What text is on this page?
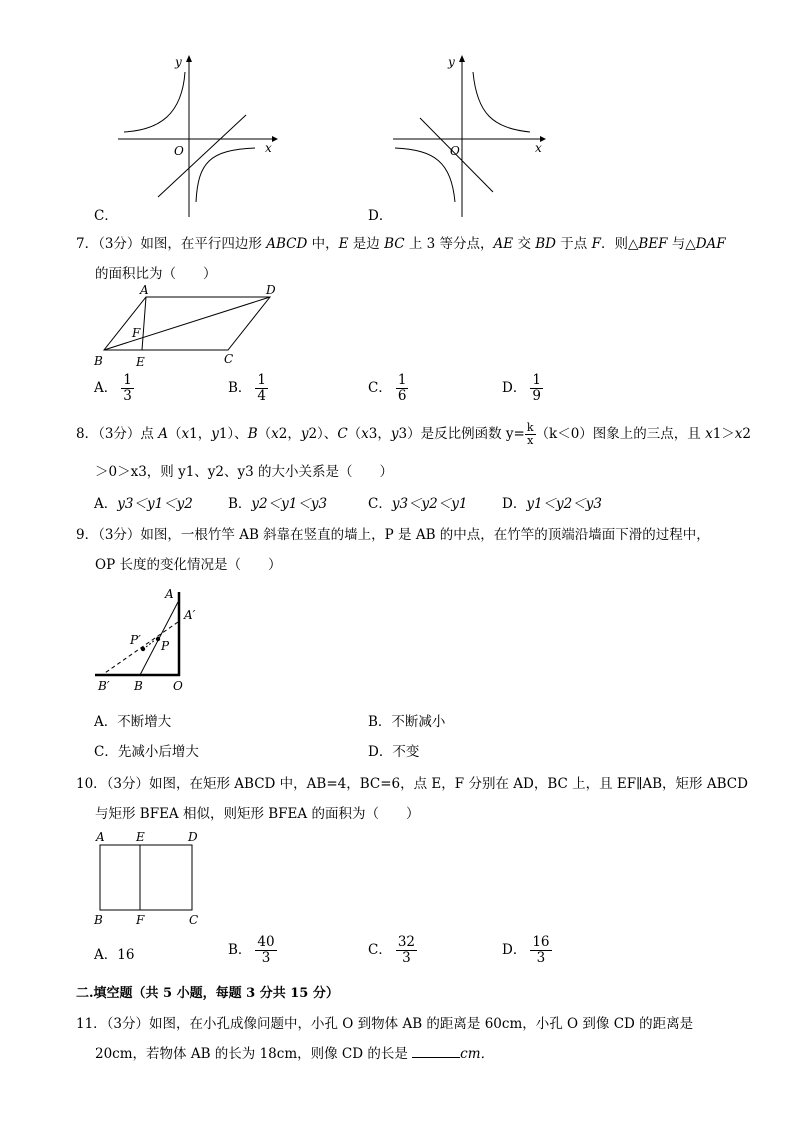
y
x
O
C．
y
x
O
D．
7．（3分）如图，在平行四边形 ABCD 中，E 是边 BC 上 3 等分点，AE 交 BD 于点 F．则△BEF 与△DAF
的面积比为（　　）
A	D
F
B	E	C
A． $\frac{1}{3}$	B． $\frac{1}{4}$	C． $\frac{1}{6}$	D． $\frac{1}{9}$
8．（3分）点 A（x1，y1）、B（x2，y2）、C（x3，y3）是反比例函数 $y= \frac{k}{x} (k<0)$图象上的三点，且 x1＞x2
＞0＞x3，则 y1、y2、y3 的大小关系是（　　）
A．y3＜y1＜y2	B．y2＜y1＜y3	C．y3＜y2＜y1	D．y1＜y2＜y3
9．（3分）如图，一根竹竿 AB 斜靠在竖直的墙上，P 是 AB 的中点，在竹竿的顶端沿墙面下滑的过程中，
OP 长度的变化情况是（　　）
A
A′
P′ P
B′ B	O
A．不断增大	B．不断减小
C．先减小后增大	D．不变
10．（3分）如图，在矩形 ABCD 中，AB=4，BC=6，点 E，F 分别在 AD，BC 上，且 EF∥AB，矩形 ABCD
与矩形 BFEA 相似，则矩形 BFEA 的面积为（　　）
A	E	D
B	F	C
A．16	B． $\frac{40}{3}$	C． $\frac{32}{3}$	D． $\frac{16}{3}$
二.填空题（共 5 小题，每题 3 分共 15 分）
11．（3分）如图，在小孔成像问题中，小孔 O 到物体 AB 的距离是 60cm，小孔 O 到像 CD 的距离是
20cm，若物体 AB 的长为 18cm，则像 CD 的长是	cm．
